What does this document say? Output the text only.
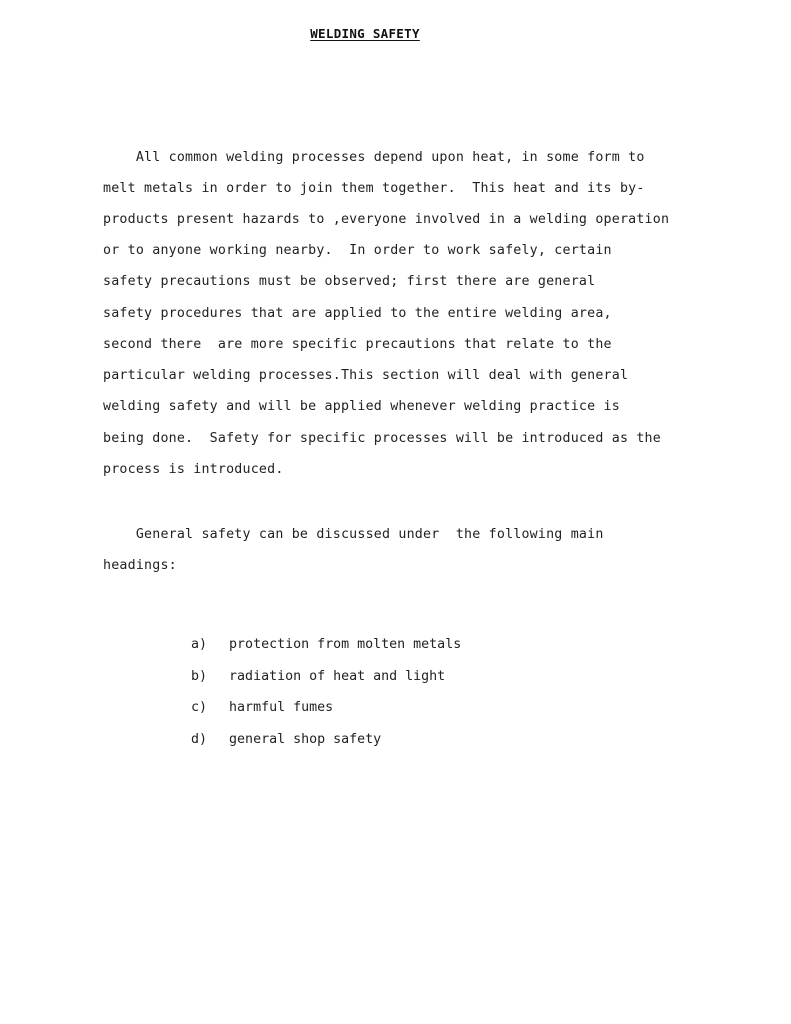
WELDING SAFETY
All common welding processes depend upon heat, in some form to
melt metals in order to join them together.  This heat and its by-
products present hazards to ,everyone involved in a welding operation
or to anyone working nearby.  In order to work safely, certain
safety precautions must be observed; first there are general
safety procedures that are applied to the entire welding area,
second there  are more specific precautions that relate to the
particular welding processes.This section will deal with general
welding safety and will be applied whenever welding practice is
being done.  Safety for specific processes will be introduced as the
process is introduced.
General safety can be discussed under  the following main
headings:

a) protection from molten metals

b) radiation of heat and light

c) harmful fumes

d) general shop safety
